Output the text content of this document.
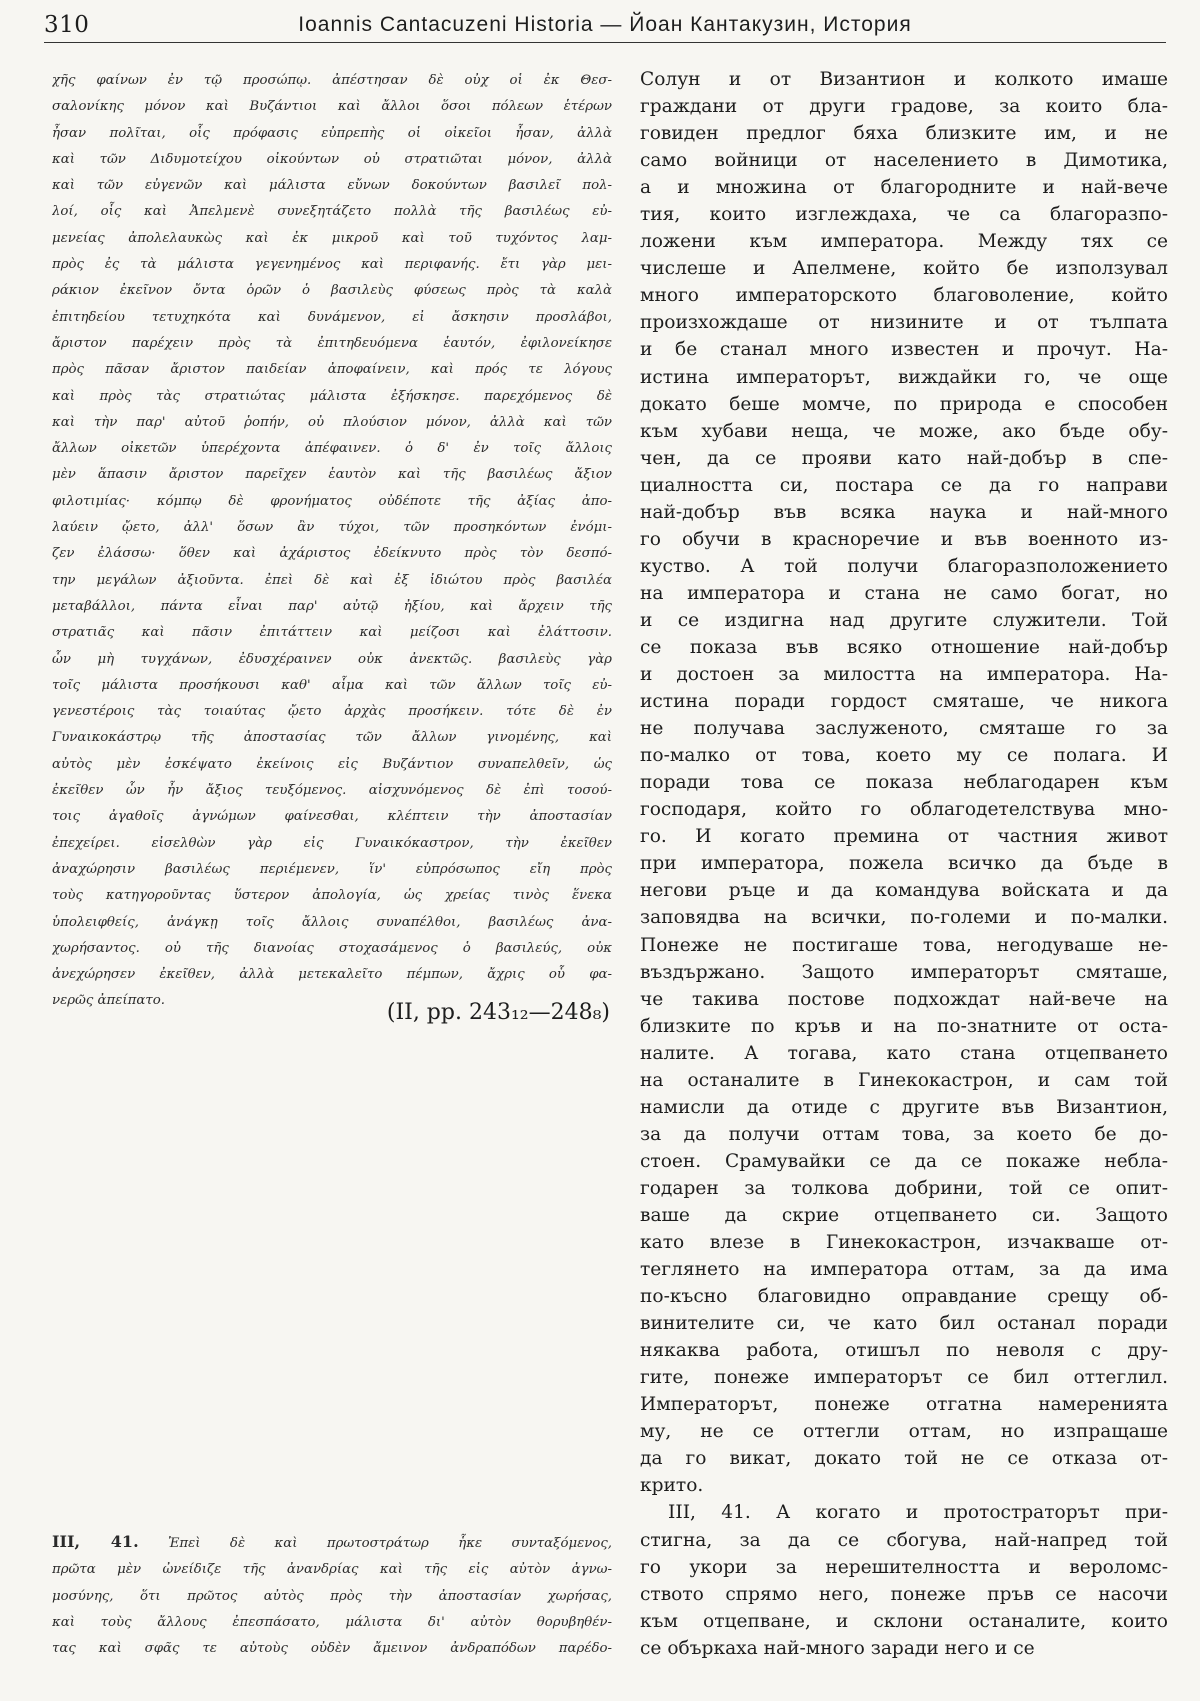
310	Ioannis Cantacuzeni Historia — Йоан Кантакузин, История
χῆς φαίνων ἐν τῷ προσώπῳ. ἀπέστησαν δὲ οὐχ οἱ ἐκ Θεσ-
σαλονίκης μόνον καὶ Βυζάντιοι καὶ ἄλλοι ὅσοι πόλεων ἑτέρων
ἦσαν πολῖται, οἷς πρόφασις εὐπρεπὴς οἱ οἰκεῖοι ἦσαν, ἀλλὰ
καὶ τῶν Διδυμοτείχου οἰκούντων οὐ στρατιῶται μόνον, ἀλλὰ
καὶ τῶν εὐγενῶν καὶ μάλιστα εὔνων δοκούντων βασιλεῖ πολ-
λοί, οἷς καὶ Ἀπελμενὲ συνεξητάζετο πολλὰ τῆς βασιλέως εὐ-
μενείας ἀπολελαυκὼς καὶ ἐκ μικροῦ καὶ τοῦ τυχόντος λαμ-
πρὸς ἐς τὰ μάλιστα γεγενημένος καὶ περιφανής. ἔτι γὰρ μει-
ράκιον ἐκεῖνον ὄντα ὁρῶν ὁ βασιλεὺς φύσεως πρὸς τὰ καλὰ
ἐπιτηδείου τετυχηκότα καὶ δυνάμενον, εἰ ἄσκησιν προσλάβοι,
ἄριστον παρέχειν πρὸς τὰ ἐπιτηδευόμενα ἑαυτόν, ἐφιλονείκησε
πρὸς πᾶσαν ἄριστον παιδείαν ἀποφαίνειν, καὶ πρός τε λόγους
καὶ πρὸς τὰς στρατιώτας μάλιστα ἐξήσκησε. παρεχόμενος δὲ
καὶ τὴν παρ' αὐτοῦ ῥοπήν, οὐ πλούσιον μόνον, ἀλλὰ καὶ τῶν
ἄλλων οἰκετῶν ὑπερέχοντα ἀπέφαινεν. ὁ δ' ἐν τοῖς ἄλλοις
μὲν ἅπασιν ἄριστον παρεῖχεν ἑαυτὸν καὶ τῆς βασιλέως ἄξιον
φιλοτιμίας· κόμπῳ δὲ φρονήματος οὐδέποτε τῆς ἀξίας ἀπο-
λαύειν ᾤετο, ἀλλ' ὅσων ἂν τύχοι, τῶν προσηκόντων ἐνόμι-
ζεν ἐλάσσω· ὅθεν καὶ ἀχάριστος ἐδείκνυτο πρὸς τὸν δεσπό-
την μεγάλων ἀξιοῦντα. ἐπεὶ δὲ καὶ ἐξ ἰδιώτου πρὸς βασιλέα
μεταβάλλοι, πάντα εἶναι παρ' αὐτῷ ἠξίου, καὶ ἄρχειν τῆς
στρατιᾶς καὶ πᾶσιν ἐπιτάττειν καὶ μείζοσι καὶ ἐλάττοσιν.
ὧν μὴ τυγχάνων, ἐδυσχέραινεν οὐκ ἀνεκτῶς. βασιλεὺς γὰρ
τοῖς μάλιστα προσήκουσι καθ' αἷμα καὶ τῶν ἄλλων τοῖς εὐ-
γενεστέροις τὰς τοιαύτας ᾤετο ἀρχὰς προσήκειν. τότε δὲ ἐν
Γυναικοκάστρῳ τῆς ἀποστασίας τῶν ἄλλων γινομένης, καὶ
αὐτὸς μὲν ἐσκέψατο ἐκείνοις εἰς Βυζάντιον συναπελθεῖν, ὡς
ἐκεῖθεν ὧν ἦν ἄξιος τευξόμενος. αἰσχυνόμενος δὲ ἐπὶ τοσού-
τοις ἀγαθοῖς ἀγνώμων φαίνεσθαι, κλέπτειν τὴν ἀποστασίαν
ἐπεχείρει. εἰσελθὼν γὰρ εἰς Γυναικόκαστρον, τὴν ἐκεῖθεν
ἀναχώρησιν βασιλέως περιέμενεν, ἵν' εὐπρόσωπος εἴη πρὸς
τοὺς κατηγοροῦντας ὕστερον ἀπολογία, ὡς χρείας τινὸς ἕνεκα
ὑπολειφθείς, ἀνάγκῃ τοῖς ἄλλοις συναπέλθοι, βασιλέως ἀνα-
χωρήσαντος. οὐ τῆς διανοίας στοχασάμενος ὁ βασιλεύς, οὐκ
ἀνεχώρησεν ἐκεῖθεν, ἀλλὰ μετεκαλεῖτο πέμπων, ἄχρις οὗ φα-
νερῶς ἀπείπατο.	(II, pp. 243₁₂—248₈)
III, 41. Ἐπεὶ δὲ καὶ πρωτοστράτωρ ἧκε συνταξόμενος,
πρῶτα μὲν ὠνείδιζε τῆς ἀνανδρίας καὶ τῆς εἰς αὐτὸν ἀγνω-
μοσύνης, ὅτι πρῶτος αὐτὸς πρὸς τὴν ἀποστασίαν χωρήσας,
καὶ τοὺς ἄλλους ἐπεσπάσατο, μάλιστα δι' αὐτὸν θορυβηθέν-
τας καὶ σφᾶς τε αὐτοὺς οὐδὲν ἄμεινον ἀνδραπόδων παρέδο-
Солун и от Византион и колкото имаше
граждани от други градове, за които бла-
говиден предлог бяха близките им, и не
само войници от населението в Димотика,
а и множина от благородните и най-вече
тия, които изглеждаха, че са благоразпо-
ложени към императора. Между тях се
числеше и Апелмене, който бе използувал
много императорското благоволение, който
произхождаше от низините и от тълпата
и бе станал много известен и прочут. На-
истина императорът, виждайки го, че още
докато беше момче, по природа е способен
към хубави неща, че може, ако бъде обу-
чен, да се прояви като най-добър в спе-
циалността си, постара се да го направи
най-добър във всяка наука и най-много
го обучи в красноречие и във военното из-
куство. А той получи благоразположението
на императора и стана не само богат, но
и се издигна над другите служители. Той
се показа във всяко отношение най-добър
и достоен за милостта на императора. На-
истина поради гордост смяташе, че никога
не получава заслуженото, смяташе го за
по-малко от това, което му се полага. И
поради това се показа неблагодарен към
господаря, който го облагодетелствува мно-
го. И когато премина от частния живот
при императора, пожела всичко да бъде в
негови ръце и да командува войската и да
заповядва на всички, по-големи и по-малки.
Понеже не постигаше това, негодуваше не-
въздържано. Защото императорът смяташе,
че такива постове подхождат най-вече на
близките по кръв и на по-знатните от оста-
налите. А тогава, като стана отцепването
на останалите в Гинекокастрон, и сам той
намисли да отиде с другите във Византион,
за да получи оттам това, за което бе до-
стоен. Срамувайки се да се покаже небла-
годарен за толкова добрини, той се опит-
ваше да скрие отцепването си. Защото
като влезе в Гинекокастрон, изчакваше от-
теглянето на императора оттам, за да има
по-късно благовидно оправдание срещу об-
винителите си, че като бил останал поради
някаква работа, отишъл по неволя с дру-
гите, понеже императорът се бил оттеглил.
Императорът, понеже отгатна намеренията
му, не се оттегли оттам, но изпращаше
да го викат, докато той не се отказа от-
крито.
III, 41. А когато и протостраторът при-
стигна, за да се сбогува, най-напред той
го укори за нерешителността и вероломс-
ството спрямо него, понеже пръв се насочи
към отцепване, и склони останалите, които
се объркаха най-много заради него и се
